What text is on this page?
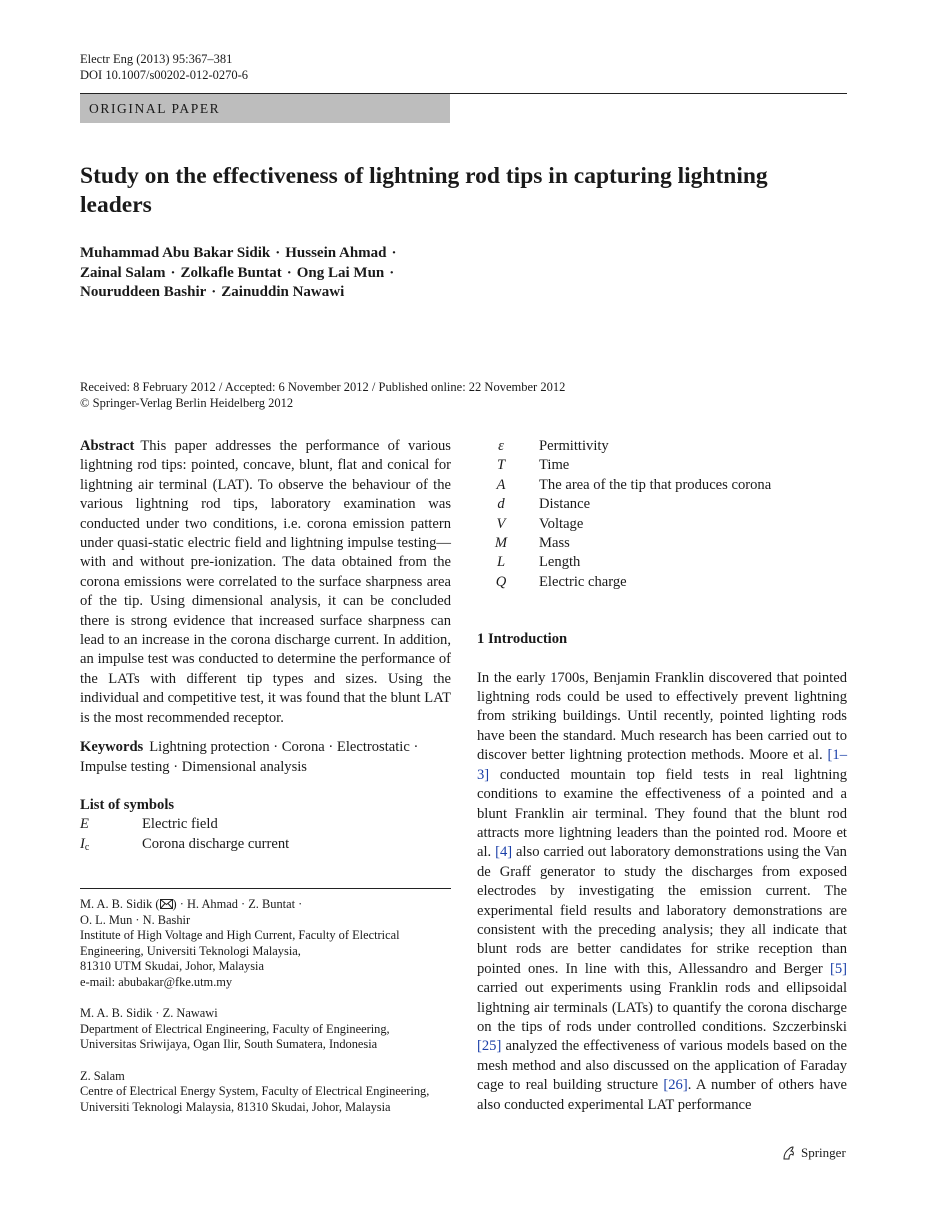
Electr Eng (2013) 95:367–381
DOI 10.1007/s00202-012-0270-6
ORIGINAL PAPER
Study on the effectiveness of lightning rod tips in capturing lightning leaders
Muhammad Abu Bakar Sidik · Hussein Ahmad ·
Zainal Salam · Zolkafle Buntat · Ong Lai Mun ·
Nouruddeen Bashir · Zainuddin Nawawi
Received: 8 February 2012 / Accepted: 6 November 2012 / Published online: 22 November 2012
© Springer-Verlag Berlin Heidelberg 2012

Abstract This paper addresses the performance of various lightning rod tips: pointed, concave, blunt, flat and conical for lightning air terminal (LAT). To observe the behaviour of the various lightning rod tips, laboratory examination was conducted under two conditions, i.e. corona emission pattern under quasi-static electric field and lightning impulse testing—with and without pre-ionization. The data obtained from the corona emissions were correlated to the surface sharpness area of the tip. Using dimensional analysis, it can be concluded there is strong evidence that increased surface sharpness can lead to an increase in the corona discharge current. In addition, an impulse test was conducted to determine the performance of the LATs with different tip types and sizes. Using the individual and competitive test, it was found that the blunt LAT is the most recommended receptor.

Keywords Lightning protection · Corona · Electrostatic · Impulse testing · Dimensional analysis

List of symbols
E	Electric field
$I_c$	Corona discharge current
M. A. B. Sidik ( ) · H. Ahmad · Z. Buntat ·
O. L. Mun · N. Bashir
Institute of High Voltage and High Current, Faculty of Electrical
Engineering, Universiti Teknologi Malaysia,
81310 UTM Skudai, Johor, Malaysia
e-mail: abubakar@fke.utm.my
M. A. B. Sidik · Z. Nawawi
Department of Electrical Engineering, Faculty of Engineering,
Universitas Sriwijaya, Ogan Ilir, South Sumatera, Indonesia
Z. Salam
Centre of Electrical Energy System, Faculty of Electrical Engineering,
Universiti Teknologi Malaysia, 81310 Skudai, Johor, Malaysia
ε	Permittivity
T	Time
A	The area of the tip that produces corona
d	Distance
V	Voltage
M	Mass
L	Length
Q	Electric charge
1 Introduction

In the early 1700s, Benjamin Franklin discovered that pointed lightning rods could be used to effectively prevent lightning from striking buildings. Until recently, pointed lighting rods have been the standard. Much research has been carried out to discover better lightning protection methods. Moore et al. [1–3] conducted mountain top field tests in real lightning conditions to examine the effectiveness of a pointed and a blunt Franklin air terminal. They found that the blunt rod attracts more lightning leaders than the pointed rod. Moore et al. [4] also carried out laboratory demonstrations using the Van de Graff generator to study the discharges from exposed electrodes by investigating the emission current. The experimental field results and laboratory demonstrations are consistent with the preceding analysis; they all indicate that blunt rods are better candidates for strike reception than pointed ones. In line with this, Allessandro and Berger [5] carried out experiments using Franklin rods and ellipsoidal lightning air terminals (LATs) to quantify the corona discharge on the tips of rods under controlled conditions. Szczerbinski [25] analyzed the effectiveness of various models based on the mesh method and also discussed on the application of Faraday cage to real building structure [26]. A number of others have also conducted experimental LAT performance

Springer
